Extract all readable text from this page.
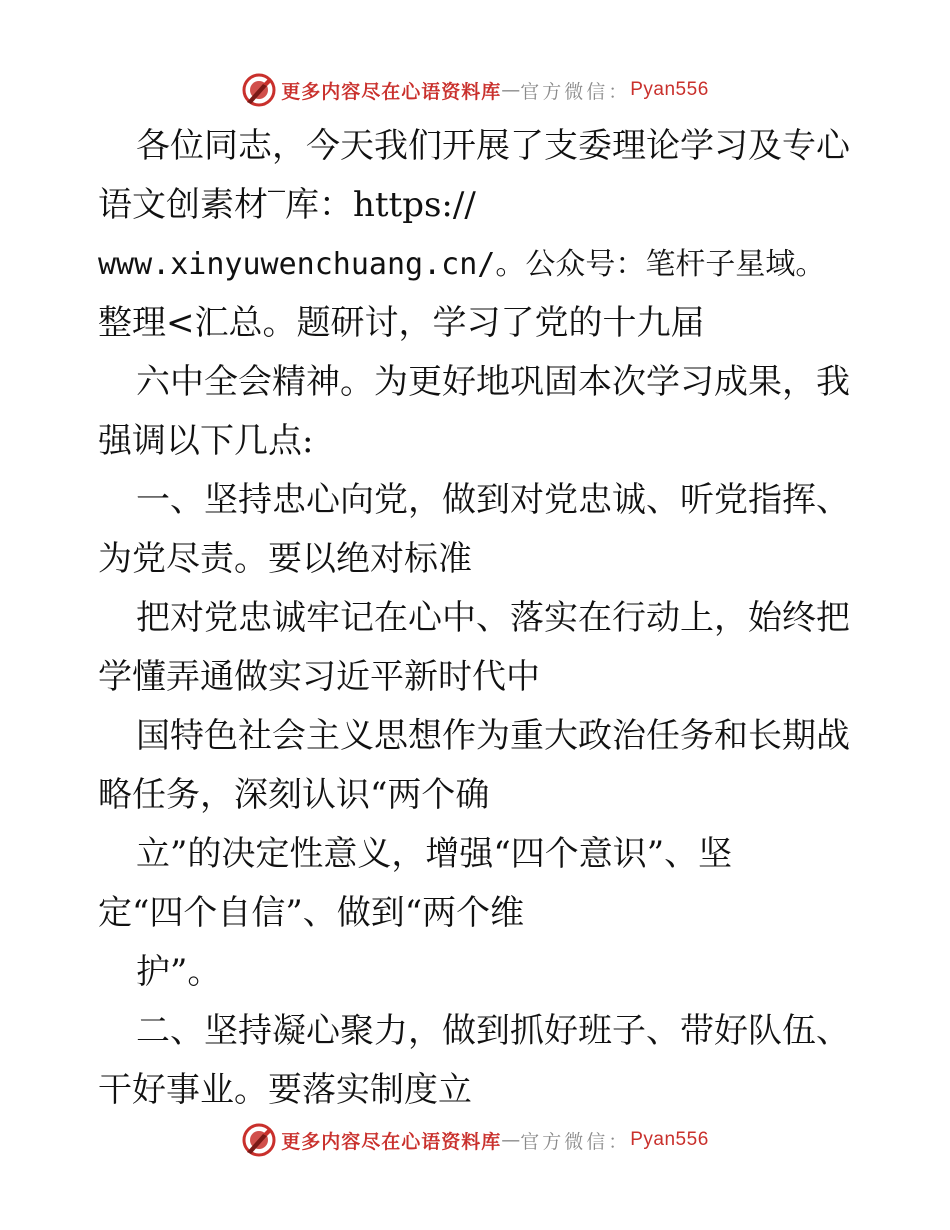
更多内容尽在心语资料库 — 官方微信： Pyan556
各位同志，今天我们开展了支委理论学习及专心
语文创素材‾库：https://
www.xinyuwenchuang.cn/。公众号：笔杆子星域。
整理<汇总。题研讨，学习了党的十九届
六中全会精神。为更好地巩固本次学习成果，我
强调以下几点:
一、坚持忠心向党，做到对党忠诚、听党指挥、
为党尽责。要以绝对标准
把对党忠诚牢记在心中、落实在行动上，始终把
学懂弄通做实习近平新时代中
国特色社会主义思想作为重大政治任务和长期战
略任务，深刻认识“两个确
立”的决定性意义，增强“四个意识”、坚
定“四个自信”、做到“两个维
护”。
二、坚持凝心聚力，做到抓好班子、带好队伍、
干好事业。要落实制度立
更多内容尽在心语资料库 — 官方微信： Pyan556
